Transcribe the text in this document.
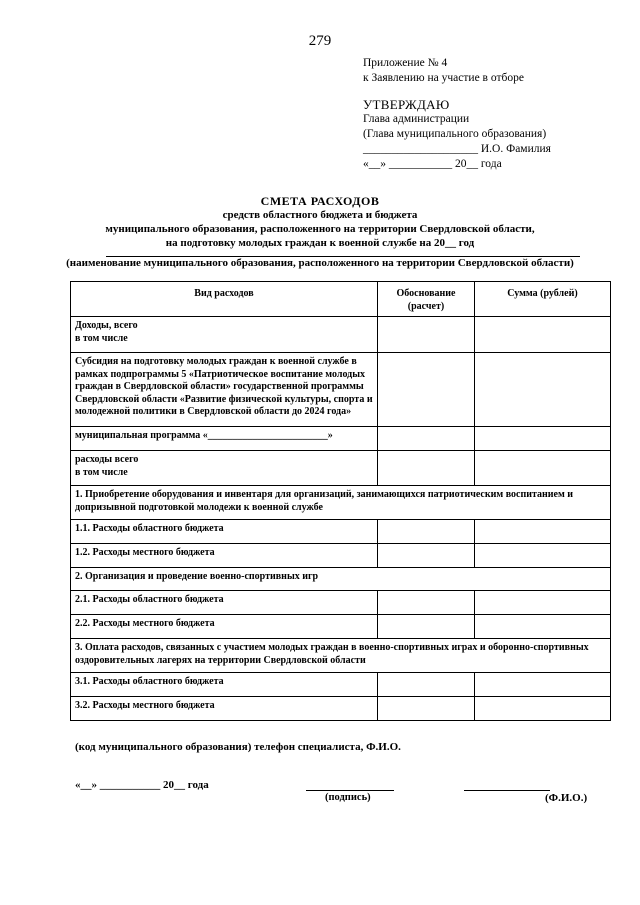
279
Приложение № 4
к Заявлению на участие в отборе
УТВЕРЖДАЮ
Глава администрации
(Глава муниципального образования)
____________________ И.О. Фамилия
«__» ___________ 20__ года
СМЕТА РАСХОДОВ
средств областного бюджета и бюджета
муниципального образования, расположенного на территории Свердловской области,
на подготовку молодых граждан к военной службе на 20__ год
(наименование муниципального образования, расположенного на территории Свердловской области)
Вид расходов	Обоснование (расчет)	Сумма (рублей)
Доходы, всего
в том числе		
Субсидия на подготовку молодых граждан к военной службе в рамках подпрограммы 5 «Патриотическое воспитание молодых граждан в Свердловской области» государственной программы Свердловской области «Развитие физической культуры, спорта и молодежной политики в Свердловской области до 2024 года»		
муниципальная программа «________________________»		
расходы всего
в том числе		
1. Приобретение оборудования и инвентаря для организаций, занимающихся патриотическим воспитанием и допризывной подготовкой молодежи к военной службе		
1.1. Расходы областного бюджета		
1.2. Расходы местного бюджета		
2. Организация и проведение военно-спортивных игр		
2.1. Расходы областного бюджета		
2.2. Расходы местного бюджета		
3. Оплата расходов, связанных с участием молодых граждан в военно-спортивных играх и оборонно-спортивных оздоровительных лагерях на территории Свердловской области		
3.1. Расходы областного бюджета		
3.2. Расходы местного бюджета		
(код муниципального образования) телефон специалиста, Ф.И.О.
«__» ___________ 20__ года
(подпись)	(Ф.И.О.)
